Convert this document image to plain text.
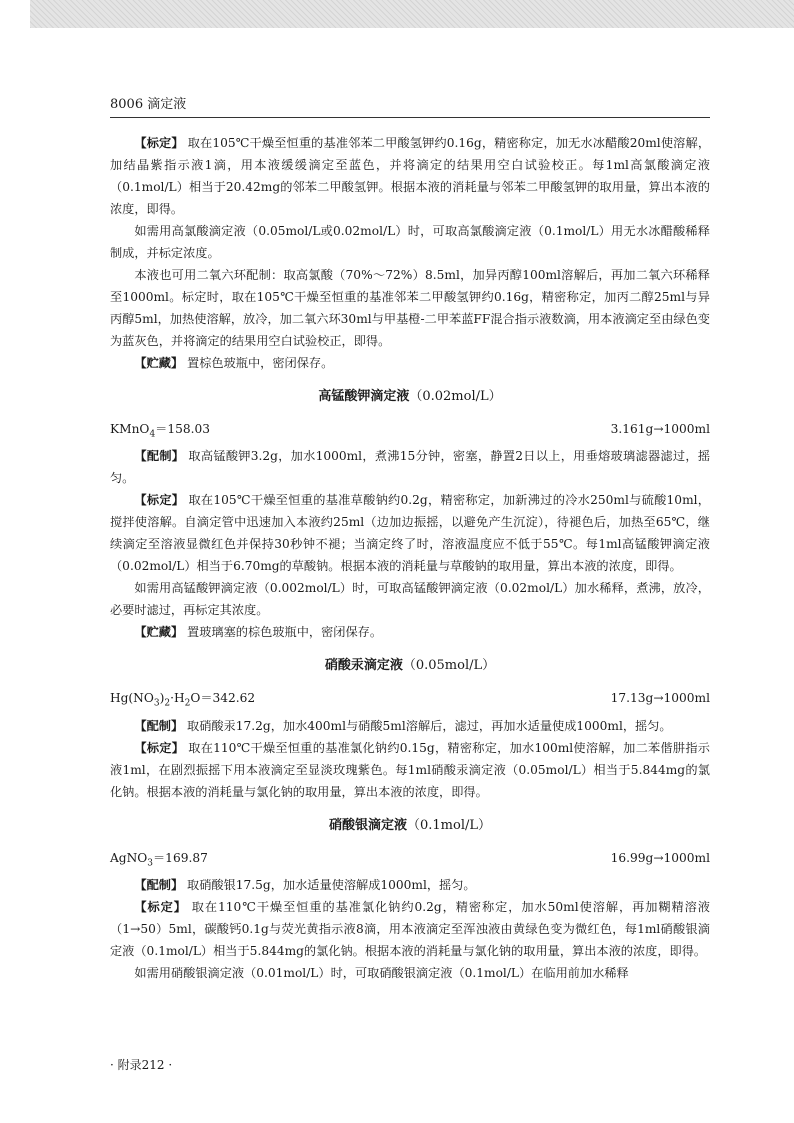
8006 滴定液

【标定】 取在105℃干燥至恒重的基准邻苯二甲酸氢钾约0.16g，精密称定，加无水冰醋酸20ml使溶解，加结晶紫指示液1滴，用本液缓缓滴定至蓝色，并将滴定的结果用空白试验校正。每1ml高氯酸滴定液（0.1mol/L）相当于20.42mg的邻苯二甲酸氢钾。根据本液的消耗量与邻苯二甲酸氢钾的取用量，算出本液的浓度，即得。

如需用高氯酸滴定液（0.05mol/L或0.02mol/L）时，可取高氯酸滴定液（0.1mol/L）用无水冰醋酸稀释制成，并标定浓度。

本液也可用二氧六环配制：取高氯酸（70%～72%）8.5ml，加异丙醇100ml溶解后，再加二氧六环稀释至1000ml。标定时，取在105℃干燥至恒重的基准邻苯二甲酸氢钾约0.16g，精密称定，加丙二醇25ml与异丙醇5ml，加热使溶解，放冷，加二氧六环30ml与甲基橙-二甲苯蓝FF混合指示液数滴，用本液滴定至由绿色变为蓝灰色，并将滴定的结果用空白试验校正，即得。

【贮藏】 置棕色玻瓶中，密闭保存。

高锰酸钾滴定液（0.02mol/L）

KMnO$_4$＝158.03	3.161g→1000ml

【配制】 取高锰酸钾3.2g，加水1000ml，煮沸15分钟，密塞，静置2日以上，用垂熔玻璃滤器滤过，摇匀。

【标定】 取在105℃干燥至恒重的基准草酸钠约0.2g，精密称定，加新沸过的冷水250ml与硫酸10ml，搅拌使溶解。自滴定管中迅速加入本液约25ml（边加边振摇，以避免产生沉淀），待褪色后，加热至65℃，继续滴定至溶液显微红色并保持30秒钟不褪；当滴定终了时，溶液温度应不低于55℃。每1ml高锰酸钾滴定液（0.02mol/L）相当于6.70mg的草酸钠。根据本液的消耗量与草酸钠的取用量，算出本液的浓度，即得。

如需用高锰酸钾滴定液（0.002mol/L）时，可取高锰酸钾滴定液（0.02mol/L）加水稀释，煮沸，放冷，必要时滤过，再标定其浓度。

【贮藏】 置玻璃塞的棕色玻瓶中，密闭保存。

硝酸汞滴定液（0.05mol/L）

$Hg(NO_3)_2\cdot H_2O=342.62$	17.13g→1000ml

【配制】 取硝酸汞17.2g，加水400ml与硝酸5ml溶解后，滤过，再加水适量使成1000ml，摇匀。

【标定】 取在110℃干燥至恒重的基准氯化钠约0.15g，精密称定，加水100ml使溶解，加二苯偕肼指示液1ml，在剧烈振摇下用本液滴定至显淡玫瑰紫色。每1ml硝酸汞滴定液（0.05mol/L）相当于5.844mg的氯化钠。根据本液的消耗量与氯化钠的取用量，算出本液的浓度，即得。

硝酸银滴定液（0.1mol/L）

AgNO$_3$＝169.87	16.99g→1000ml

【配制】 取硝酸银17.5g，加水适量使溶解成1000ml，摇匀。

【标定】 取在110℃干燥至恒重的基准氯化钠约0.2g，精密称定，加水50ml使溶解，再加糊精溶液（1→50）5ml，碳酸钙0.1g与荧光黄指示液8滴，用本液滴定至浑浊液由黄绿色变为微红色，每1ml硝酸银滴定液（0.1mol/L）相当于5.844mg的氯化钠。根据本液的消耗量与氯化钠的取用量，算出本液的浓度，即得。

如需用硝酸银滴定液（0.01mol/L）时，可取硝酸银滴定液（0.1mol/L）在临用前加水稀释

· 附录212 ·
